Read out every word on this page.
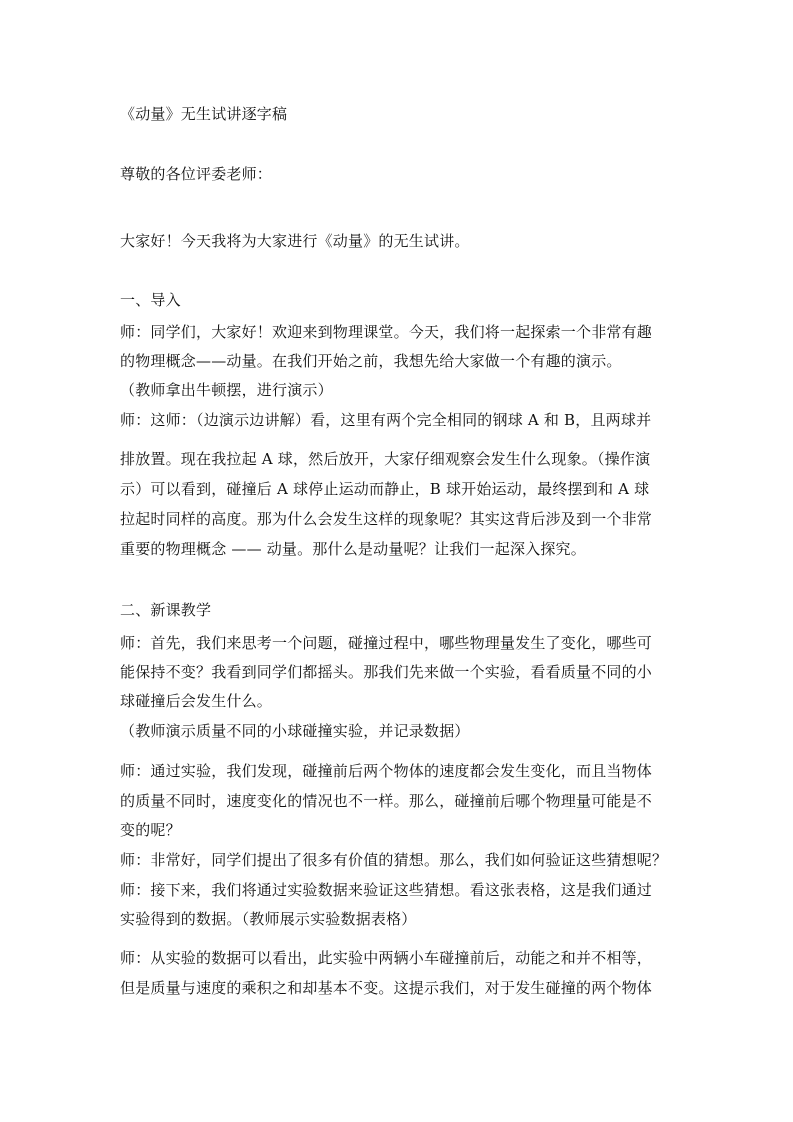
《动量》无生试讲逐字稿
尊敬的各位评委老师：
大家好！今天我将为大家进行《动量》的无生试讲。
一、导入
师：同学们，大家好！欢迎来到物理课堂。今天，我们将一起探索一个非常有趣
的物理概念——动量。在我们开始之前，我想先给大家做一个有趣的演示。
（教师拿出牛顿摆，进行演示）
师：这师：（边演示边讲解）看，这里有两个完全相同的钢球 A 和 B，且两球并
排放置。现在我拉起 A 球，然后放开，大家仔细观察会发生什么现象。（操作演
示）可以看到，碰撞后 A 球停止运动而静止，B 球开始运动，最终摆到和 A 球
拉起时同样的高度。那为什么会发生这样的现象呢？其实这背后涉及到一个非常
重要的物理概念 —— 动量。那什么是动量呢？让我们一起深入探究。
二、新课教学
师：首先，我们来思考一个问题，碰撞过程中，哪些物理量发生了变化，哪些可
能保持不变？我看到同学们都摇头。那我们先来做一个实验，看看质量不同的小
球碰撞后会发生什么。
（教师演示质量不同的小球碰撞实验，并记录数据）
师：通过实验，我们发现，碰撞前后两个物体的速度都会发生变化，而且当物体
的质量不同时，速度变化的情况也不一样。那么，碰撞前后哪个物理量可能是不
变的呢？
师：非常好，同学们提出了很多有价值的猜想。那么，我们如何验证这些猜想呢？
师：接下来，我们将通过实验数据来验证这些猜想。看这张表格，这是我们通过
实验得到的数据。（教师展示实验数据表格）
师：从实验的数据可以看出，此实验中两辆小车碰撞前后，动能之和并不相等，
但是质量与速度的乘积之和却基本不变。这提示我们，对于发生碰撞的两个物体
